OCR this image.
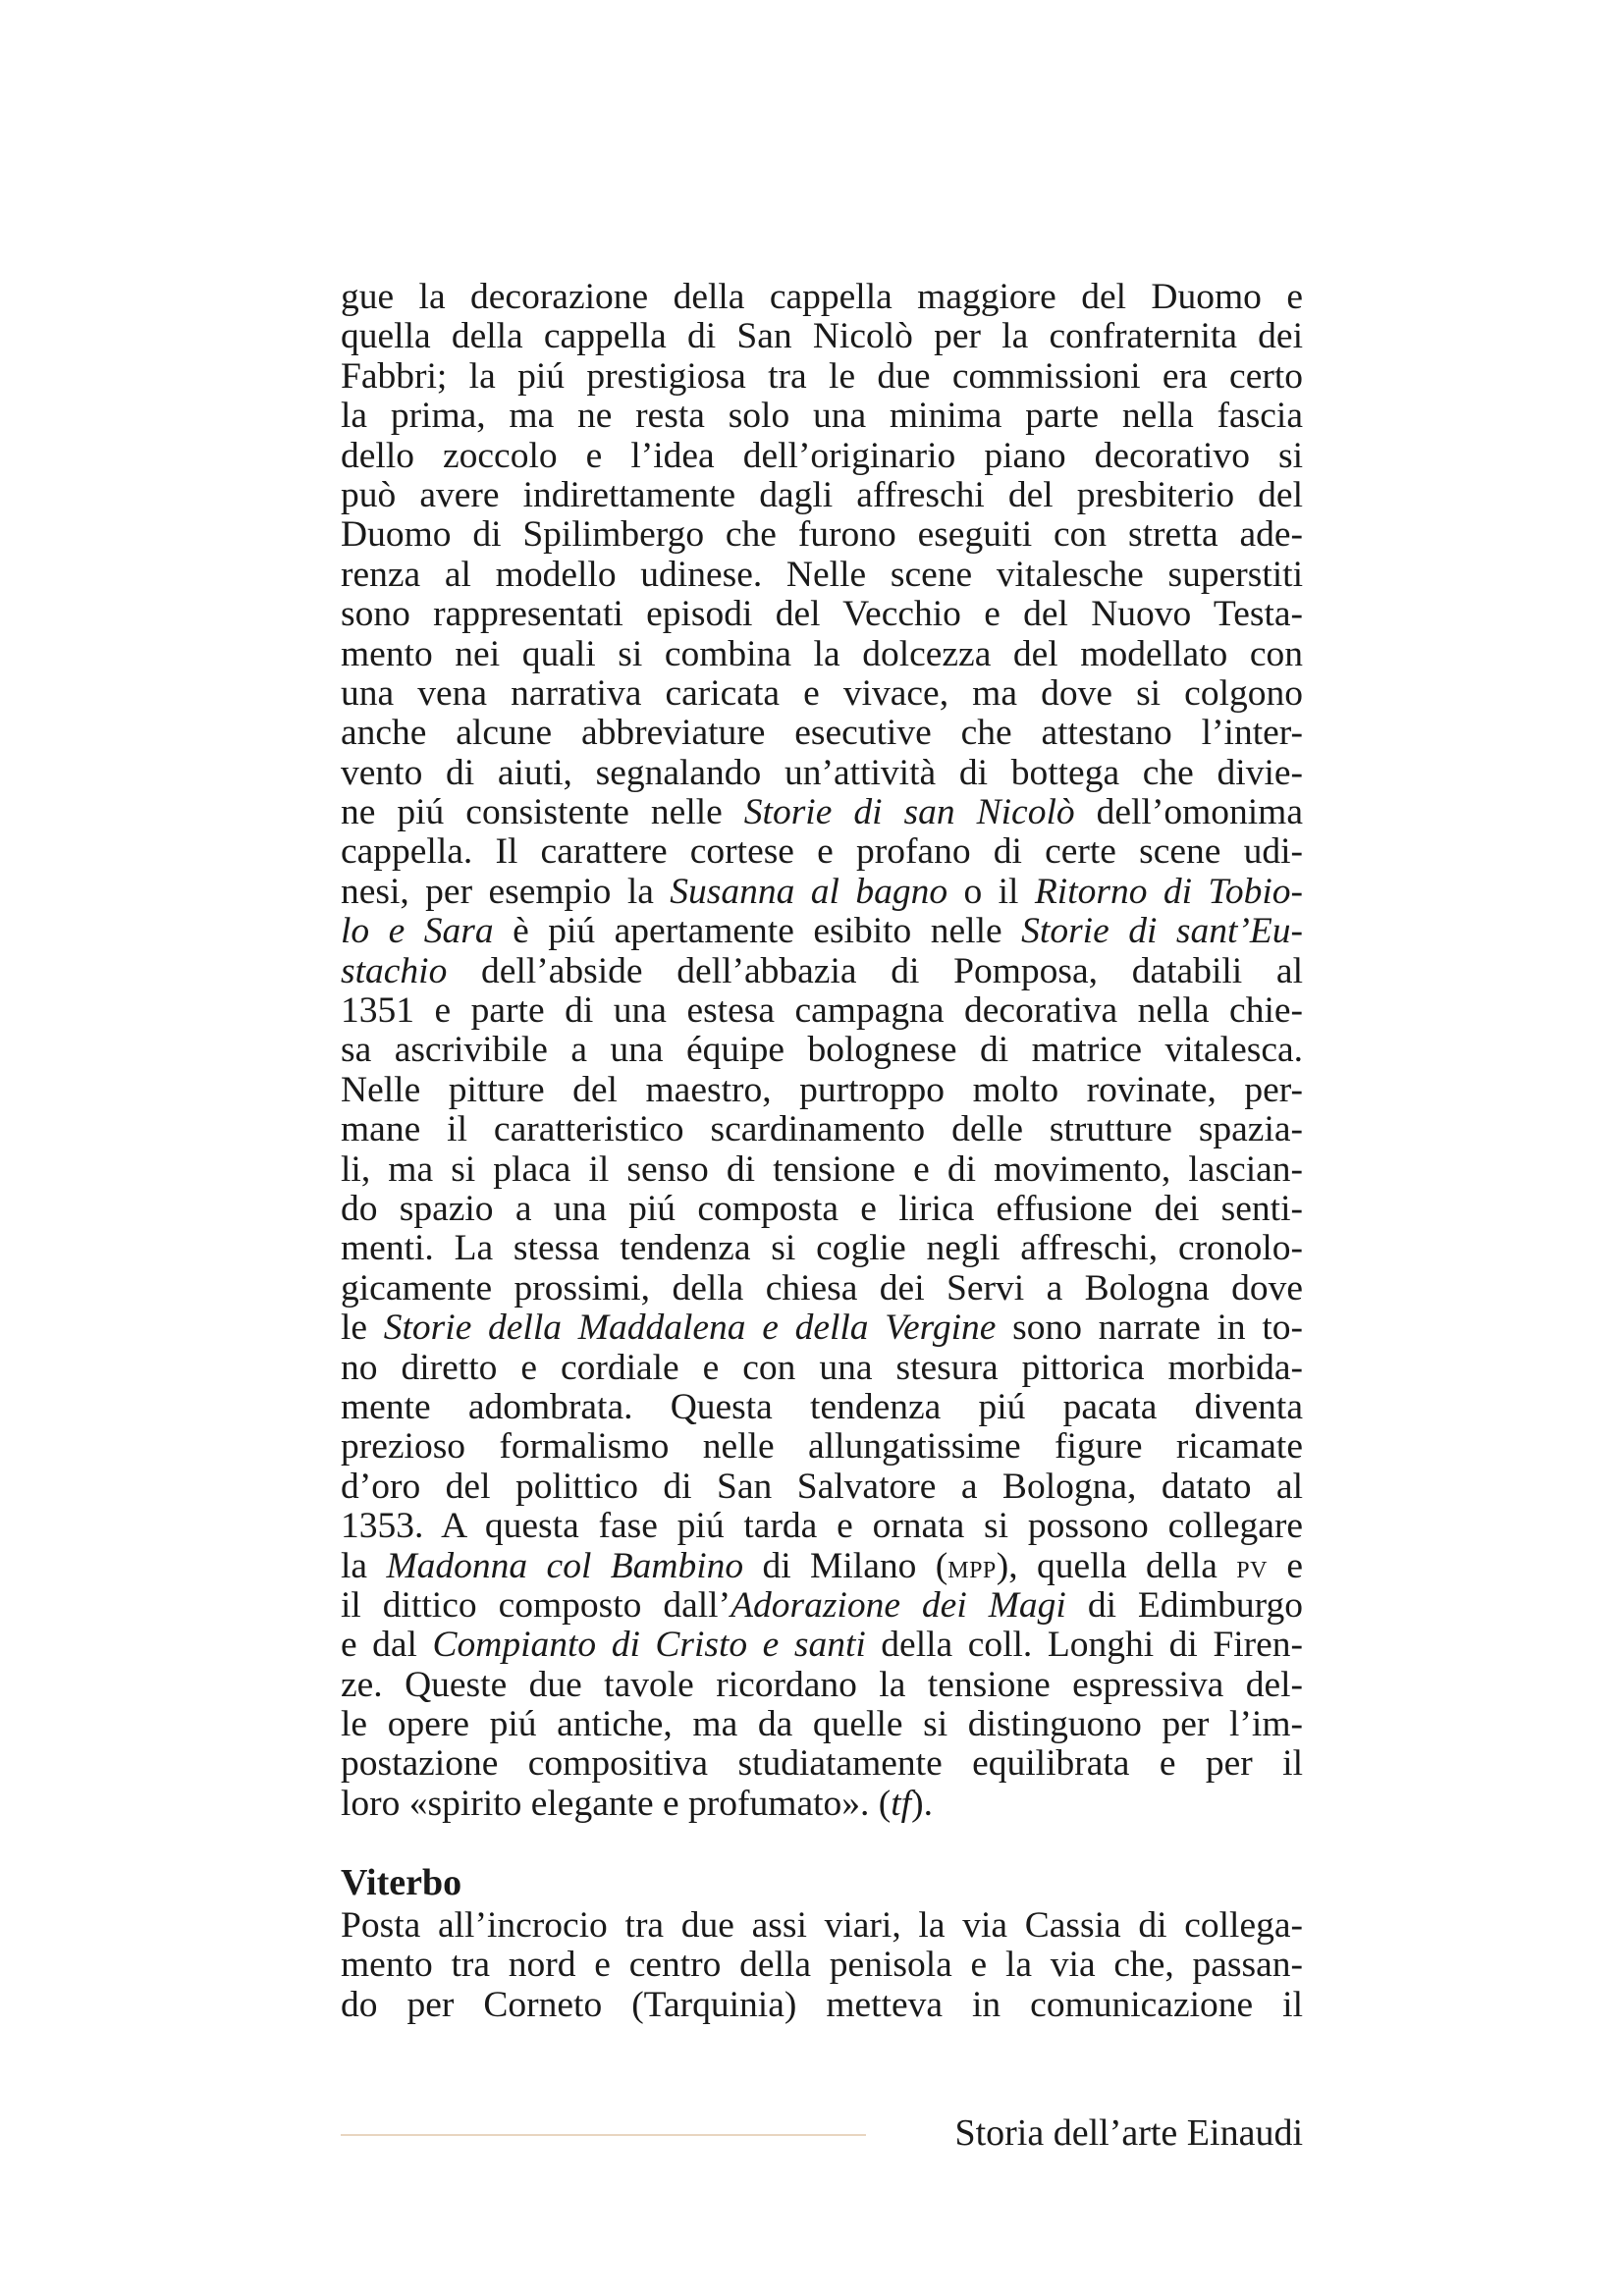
gue la decorazione della cappella maggiore del Duomo e
quella della cappella di San Nicolò per la confraternita dei
Fabbri; la piú prestigiosa tra le due commissioni era certo
la prima, ma ne resta solo una minima parte nella fascia
dello zoccolo e l’idea dell’originario piano decorativo si
può avere indirettamente dagli affreschi del presbiterio del
Duomo di Spilimbergo che furono eseguiti con stretta ade-
renza al modello udinese. Nelle scene vitalesche superstiti
sono rappresentati episodi del Vecchio e del Nuovo Testa-
mento nei quali si combina la dolcezza del modellato con
una vena narrativa caricata e vivace, ma dove si colgono
anche alcune abbreviature esecutive che attestano l’inter-
vento di aiuti, segnalando un’attività di bottega che divie-
ne piú consistente nelle Storie di san Nicolò dell’omonima
cappella. Il carattere cortese e profano di certe scene udi-
nesi, per esempio la Susanna al bagno o il Ritorno di Tobio-
lo e Sara è piú apertamente esibito nelle Storie di sant’Eu-
stachio dell’abside dell’abbazia di Pomposa, databili al
1351 e parte di una estesa campagna decorativa nella chie-
sa ascrivibile a una équipe bolognese di matrice vitalesca.
Nelle pitture del maestro, purtroppo molto rovinate, per-
mane il caratteristico scardinamento delle strutture spazia-
li, ma si placa il senso di tensione e di movimento, lascian-
do spazio a una piú composta e lirica effusione dei senti-
menti. La stessa tendenza si coglie negli affreschi, cronolo-
gicamente prossimi, della chiesa dei Servi a Bologna dove
le Storie della Maddalena e della Vergine sono narrate in to-
no diretto e cordiale e con una stesura pittorica morbida-
mente adombrata. Questa tendenza piú pacata diventa
prezioso formalismo nelle allungatissime figure ricamate
d’oro del polittico di San Salvatore a Bologna, datato al
1353. A questa fase piú tarda e ornata si possono collegare
la Madonna col Bambino di Milano (mpp), quella della pv e
il dittico composto dall’Adorazione dei Magi di Edimburgo
e dal Compianto di Cristo e santi della coll. Longhi di Firen-
ze. Queste due tavole ricordano la tensione espressiva del-
le opere piú antiche, ma da quelle si distinguono per l’im-
postazione compositiva studiatamente equilibrata e per il
loro «spirito elegante e profumato». (tf).
Viterbo
Posta all’incrocio tra due assi viari, la via Cassia di collega-
mento tra nord e centro della penisola e la via che, passan-
do per Corneto (Tarquinia) metteva in comunicazione il
Storia dell’arte Einaudi
